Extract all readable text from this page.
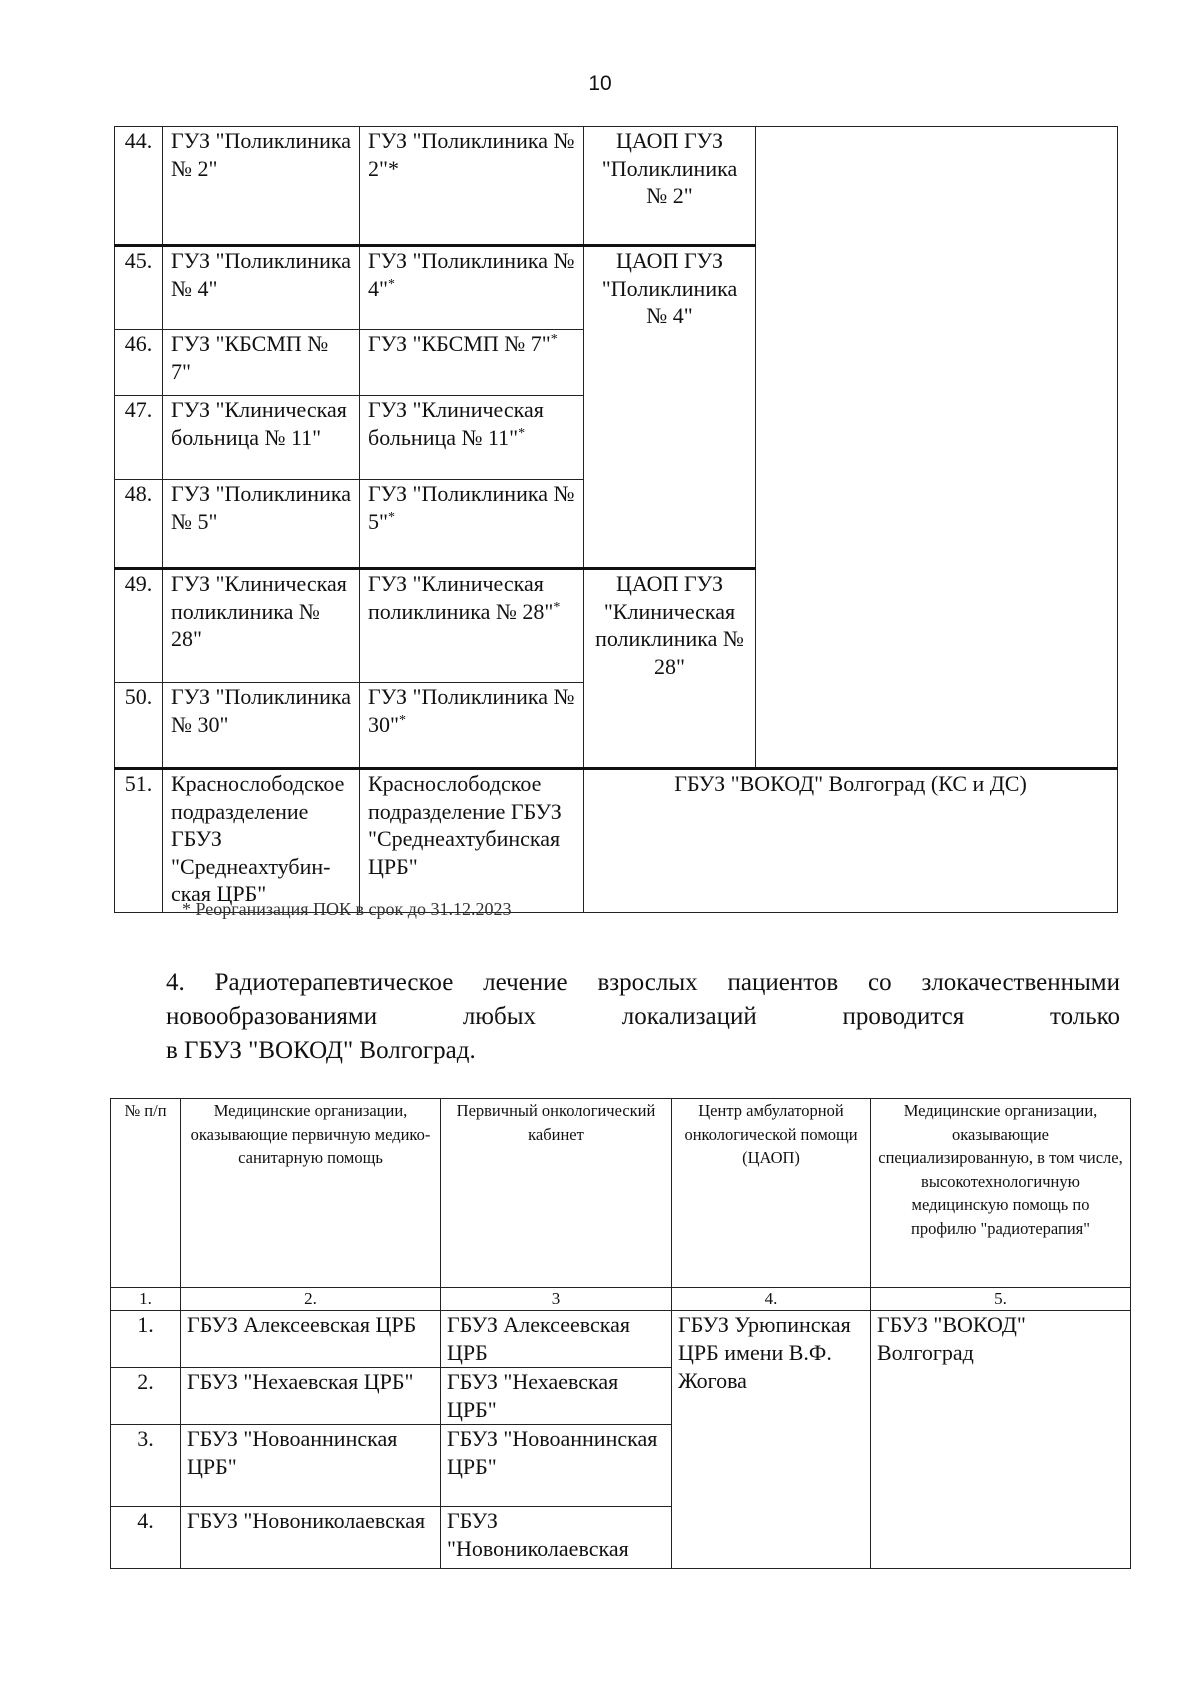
10
44.	ГУЗ "Поликлиника № 2"	ГУЗ "Поликлиника № 2"*	ЦАОП ГУЗ "Поликлиника № 2"	
45.	ГУЗ "Поликлиника № 4"	ГУЗ "Поликлиника № 4"*	ЦАОП ГУЗ "Поликлиника № 4"	
46.	ГУЗ "КБСМП № 7"	ГУЗ "КБСМП № 7"*
47.	ГУЗ "Клиническая больница № 11"	ГУЗ "Клиническая больница № 11"*
48.	ГУЗ "Поликлиника № 5"	ГУЗ "Поликлиника № 5"*
49.	ГУЗ "Клиническая поликлиника № 28"	ГУЗ "Клиническая поликлиника № 28"*	ЦАОП ГУЗ "Клиническая поликлиника № 28"	
50.	ГУЗ "Поликлиника № 30"	ГУЗ "Поликлиника № 30"*
51.	Краснослободское подразделение ГБУЗ "Среднеахтубин-ская ЦРБ"	Краснослободское подразделение ГБУЗ "Среднеахтубинская ЦРБ"	ГБУЗ "ВОКОД" Волгоград (КС и ДС)	
* Реорганизация ПОК в срок до 31.12.2023
4. Радиотерапевтическое лечение взрослых пациентов со злокачественными
новообразованиями любых локализаций проводится только
в ГБУЗ "ВОКОД" Волгоград.
№ п/п	Медицинские организации, оказывающие первичную медико-санитарную помощь	Первичный онкологический кабинет	Центр амбулаторной онкологической помощи (ЦАОП)	Медицинские организации, оказывающие специализированную, в том числе, высокотехнологичную медицинскую помощь по профилю "радиотерапия"
1.	2.	3	4.	5.
1.	ГБУЗ Алексеевская ЦРБ	ГБУЗ Алексеевская ЦРБ	ГБУЗ Урюпинская ЦРБ имени В.Ф. Жогова	ГБУЗ "ВОКОД" Волгоград
2.	ГБУЗ "Нехаевская ЦРБ"	ГБУЗ "Нехаевская ЦРБ"		
3.	ГБУЗ "Новоаннинская ЦРБ"	ГБУЗ "Новоаннинская ЦРБ"		
4.	ГБУЗ "Новониколаевская	ГБУЗ "Новониколаевская		
